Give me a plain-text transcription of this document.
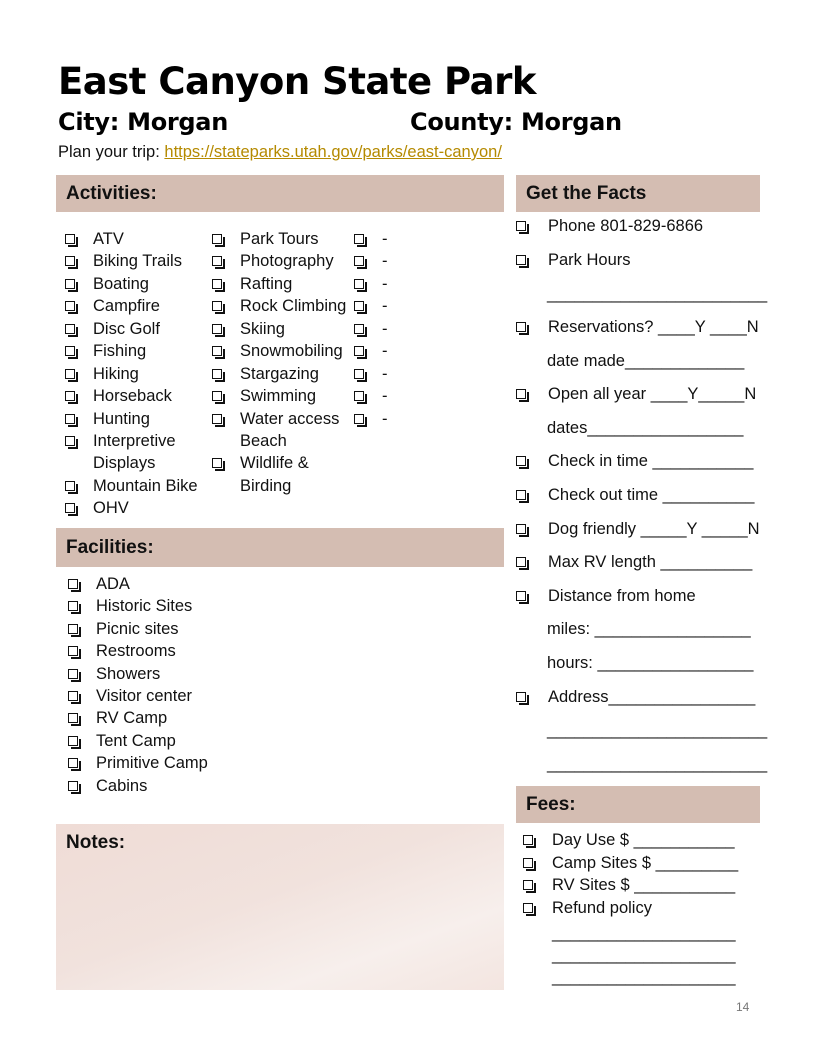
East Canyon State Park
City: Morgan	County: Morgan
Plan your trip: https://stateparks.utah.gov/parks/east-canyon/
Activities:
ATV
Biking Trails
Boating
Campfire
Disc Golf
Fishing
Hiking
Horseback
Hunting
Interpretive
Mountain Bike
OHV
Park Tours
Photography
Rafting
Rock Climbing
Skiing
Snowmobiling
Stargazing
Swimming
Water access
Wildlife &
-
-
-
-
-
-
-
-
-
Displays
Beach
Birding
Facilities:
ADA
Historic Sites
Picnic sites
Restrooms
Showers
Visitor center
RV Camp
Tent Camp
Primitive Camp
Cabins
Notes:
Get the Facts
Phone 801-829-6866
Park Hours
________________________
Reservations? ____Y ____N
date made_____________
Open all year ____Y_____N
dates_________________
Check in time ___________
Check out time __________
Dog friendly _____Y _____N
Max RV length __________
Distance from home
miles: _________________
hours: _________________
Address________________
________________________
________________________
Fees:
Day Use $ ___________
Camp Sites $ _________
RV Sites $ ___________
Refund policy
____________________
____________________
____________________
14
